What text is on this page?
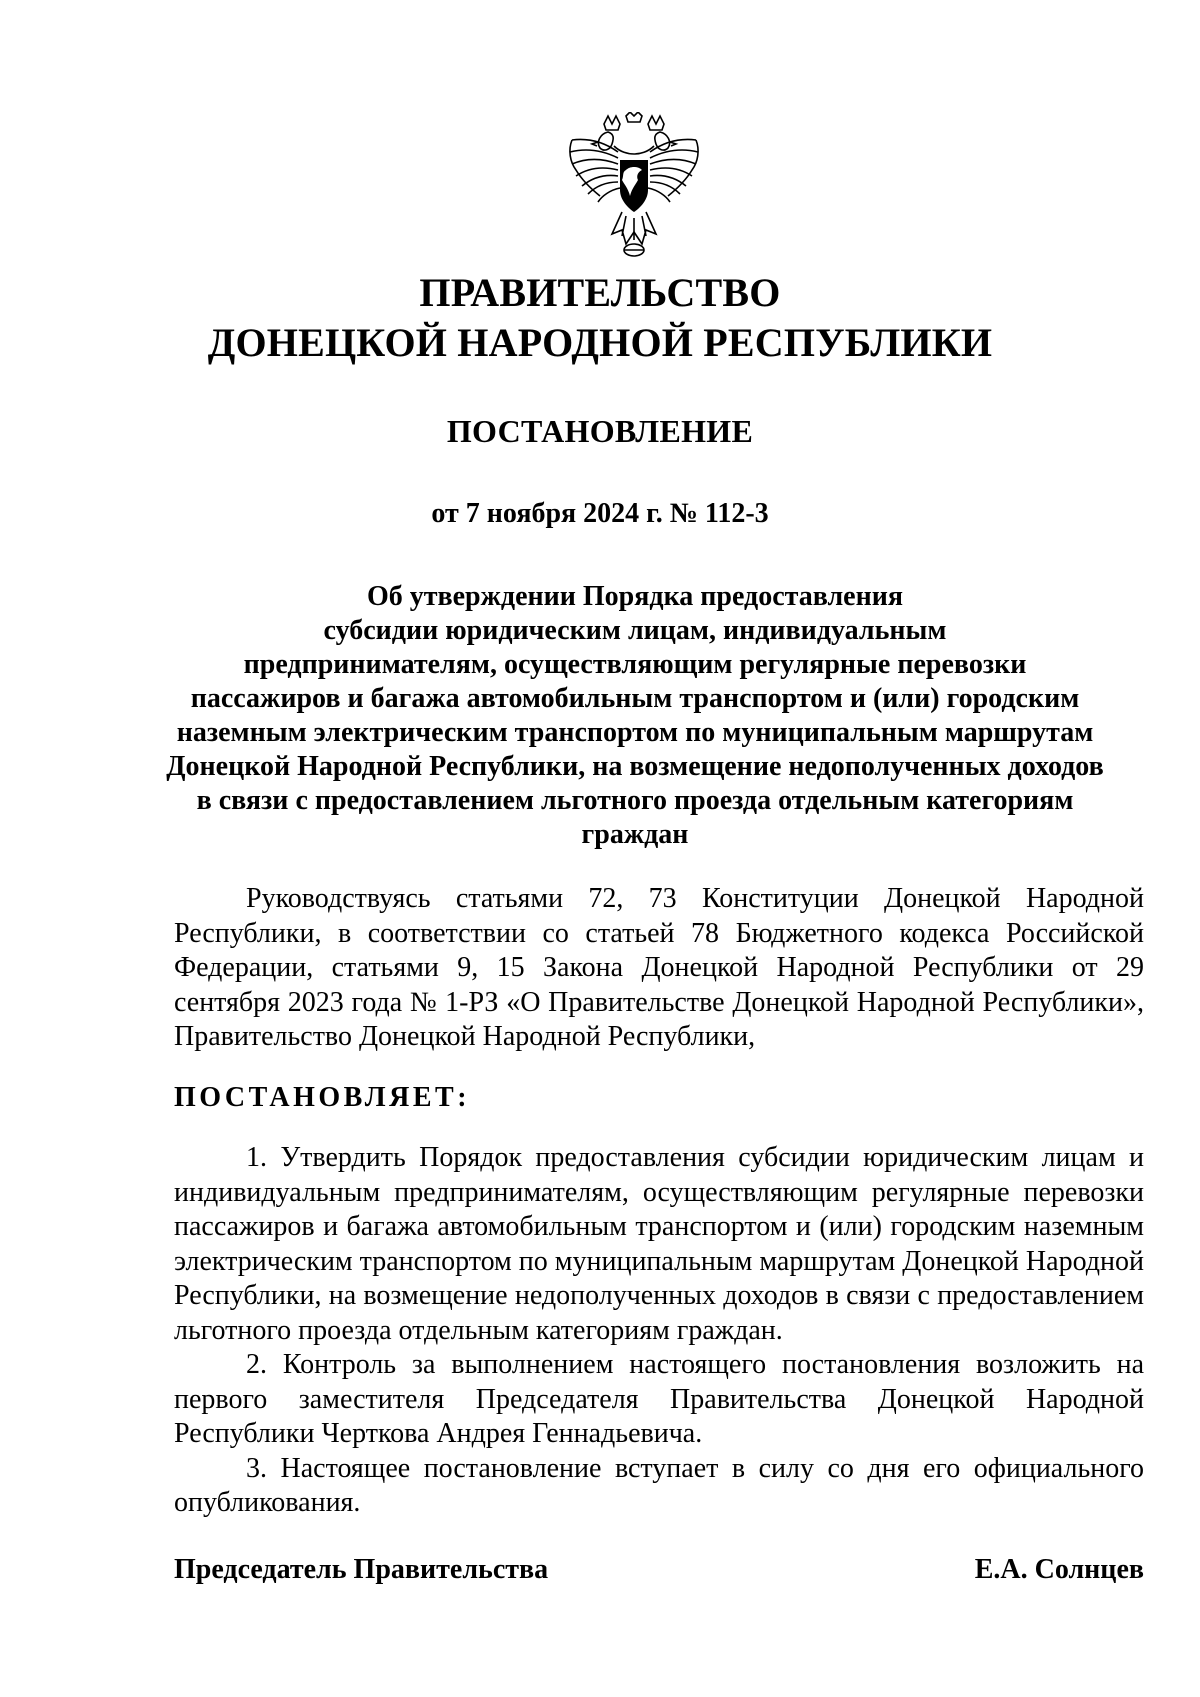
ПРАВИТЕЛЬСТВО
ДОНЕЦКОЙ НАРОДНОЙ РЕСПУБЛИКИ
ПОСТАНОВЛЕНИЕ
от 7 ноября 2024 г. № 112-3
Об утверждении Порядка предоставления
субсидии юридическим лицам, индивидуальным
предпринимателям, осуществляющим регулярные перевозки
пассажиров и багажа автомобильным транспортом и (или) городским
наземным электрическим транспортом по муниципальным маршрутам
Донецкой Народной Республики, на возмещение недополученных доходов
в связи с предоставлением льготного проезда отдельным категориям
граждан

Руководствуясь статьями 72, 73 Конституции Донецкой Народной Республики, в соответствии со статьей 78 Бюджетного кодекса Российской Федерации, статьями 9, 15 Закона Донецкой Народной Республики от 29 сентября 2023 года № 1-РЗ «О Правительстве Донецкой Народной Республики», Правительство Донецкой Народной Республики,

ПОСТАНОВЛЯЕТ:

1. Утвердить Порядок предоставления субсидии юридическим лицам и индивидуальным предпринимателям, осуществляющим регулярные перевозки пассажиров и багажа автомобильным транспортом и (или) городским наземным электрическим транспортом по муниципальным маршрутам Донецкой Народной Республики, на возмещение недополученных доходов в связи с предоставлением льготного проезда отдельным категориям граждан.

2. Контроль за выполнением настоящего постановления возложить на первого заместителя Председателя Правительства Донецкой Народной Республики Черткова Андрея Геннадьевича.

3. Настоящее постановление вступает в силу со дня его официального опубликования.

Председатель Правительства	Е.А. Солнцев
